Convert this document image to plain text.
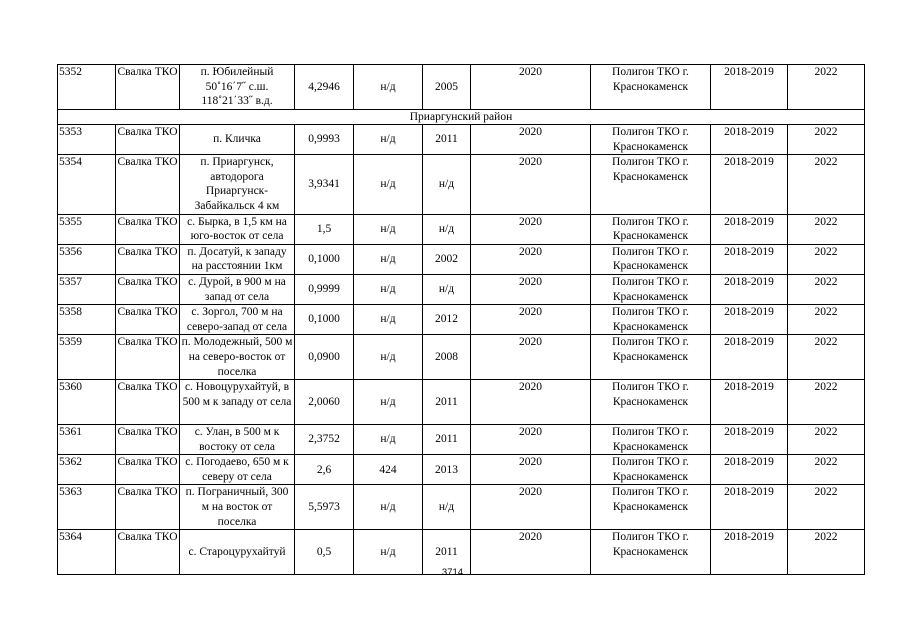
5352	Свалка ТКО	п. Юбилейный 50˚16΄7˝ с.ш. 118˚21΄33˝ в.д.	4,2946	н/д	2005	2020	Полигон ТКО г. Краснокаменск	2018-2019	2022
Приаргунский район									
5353	Свалка ТКО	п. Кличка	0,9993	н/д	2011	2020	Полигон ТКО г. Краснокаменск	2018-2019	2022
5354	Свалка ТКО	п. Приаргунск, автодорога Приаргунск-Забайкальск 4 км	3,9341	н/д	н/д	2020	Полигон ТКО г. Краснокаменск	2018-2019	2022
5355	Свалка ТКО	с. Бырка, в 1,5 км на юго-восток от села	1,5	н/д	н/д	2020	Полигон ТКО г. Краснокаменск	2018-2019	2022
5356	Свалка ТКО	п. Досатуй, к западу на расстоянии 1км	0,1000	н/д	2002	2020	Полигон ТКО г. Краснокаменск	2018-2019	2022
5357	Свалка ТКО	с. Дурой, в 900 м на запад от села	0,9999	н/д	н/д	2020	Полигон ТКО г. Краснокаменск	2018-2019	2022
5358	Свалка ТКО	с. Зоргол, 700 м на северо-запад от села	0,1000	н/д	2012	2020	Полигон ТКО г. Краснокаменск	2018-2019	2022
5359	Свалка ТКО	п. Молодежный, 500 м на северо-восток от поселка	0,0900	н/д	2008	2020	Полигон ТКО г. Краснокаменск	2018-2019	2022
5360	Свалка ТКО	с. Новоцурухайтуй, в 500 м к западу от села	2,0060	н/д	2011	2020	Полигон ТКО г. Краснокаменск	2018-2019	2022
5361	Свалка ТКО	с. Улан, в 500 м к востоку от села	2,3752	н/д	2011	2020	Полигон ТКО г. Краснокаменск	2018-2019	2022
5362	Свалка ТКО	с. Погодаево, 650 м к северу от села	2,6	424	2013	2020	Полигон ТКО г. Краснокаменск	2018-2019	2022
5363	Свалка ТКО	п. Пограничный, 300 м на восток от поселка	5,5973	н/д	н/д	2020	Полигон ТКО г. Краснокаменск	2018-2019	2022
5364	Свалка ТКО	с. Староцурухайтуй	0,5	н/д	2011	2020	Полигон ТКО г. Краснокаменск	2018-2019	2022
3714
